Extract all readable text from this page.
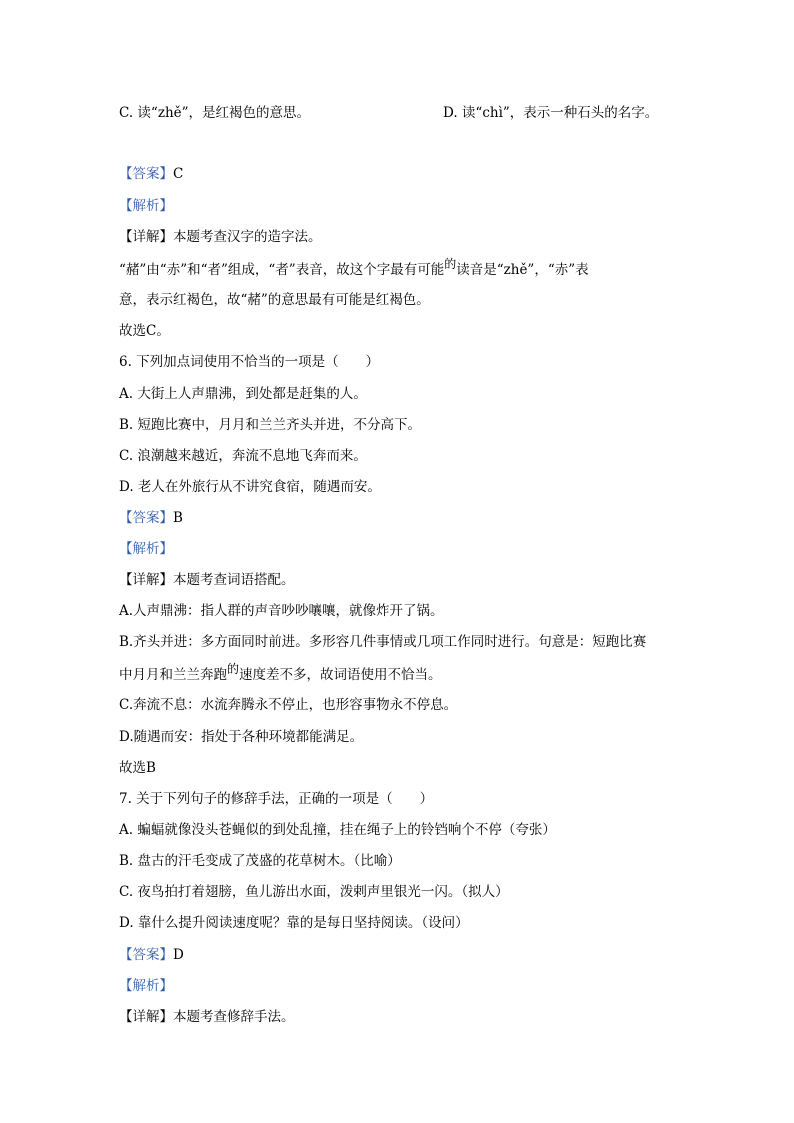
C. 读“zhě”，是红褐色的意思。	D. 读“chì”，表示一种石头的名字。
【答案】C
【解析】
【详解】本题考查汉字的造字法。
“赭”由“赤”和“者”组成，“者”表音，故这个字最有可能的读音是“zhě”，“赤”表
意，表示红褐色，故“赭”的意思最有可能是红褐色。
故选C。
6. 下列加点词使用不恰当的一项是（　　）
A. 大街上人声鼎沸，到处都是赶集的人。
B. 短跑比赛中，月月和兰兰齐头并进，不分高下。
C. 浪潮越来越近，奔流不息地飞奔而来。
D. 老人在外旅行从不讲究食宿，随遇而安。
【答案】B
【解析】
【详解】本题考查词语搭配。
A.人声鼎沸：指人群的声音吵吵嚷嚷，就像炸开了锅。
B.齐头并进：多方面同时前进。多形容几件事情或几项工作同时进行。句意是：短跑比赛
中月月和兰兰奔跑的速度差不多，故词语使用不恰当。
C.奔流不息：水流奔腾永不停止，也形容事物永不停息。
D.随遇而安：指处于各种环境都能满足。
故选B
7. 关于下列句子的修辞手法，正确的一项是（　　）
A. 蝙蝠就像没头苍蝇似的到处乱撞，挂在绳子上的铃铛响个不停（夸张）
B. 盘古的汗毛变成了茂盛的花草树木。（比喻）
C. 夜鸟拍打着翅膀，鱼儿游出水面，泼剌声里银光一闪。（拟人）
D. 靠什么提升阅读速度呢？靠的是每日坚持阅读。（设问）
【答案】D
【解析】
【详解】本题考查修辞手法。
